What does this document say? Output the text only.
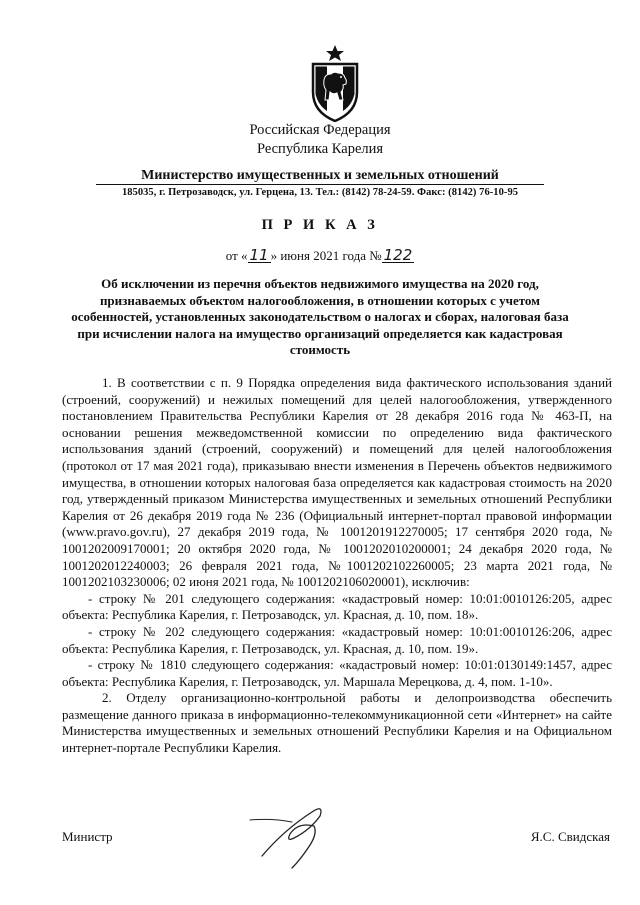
Российская Федерация
Республика Карелия
Министерство имущественных и земельных отношений
185035, г. Петрозаводск, ул. Герцена, 13. Тел.: (8142) 78-24-59. Факс: (8142) 76-10-95
П Р И К А З
от « 11 » июня 2021 года № 122
Об исключении из перечня объектов недвижимого имущества на 2020 год, признаваемых объектом налогообложения, в отношении которых с учетом особенностей, установленных законодательством о налогах и сборах, налоговая база при исчислении налога на имущество организаций определяется как кадастровая стоимость

1. В соответствии с п. 9 Порядка определения вида фактического использования зданий (строений, сооружений) и нежилых помещений для целей налогообложения, утвержденного постановлением Правительства Республики Карелия от 28 декабря 2016 года № 463-П, на основании решения межведомственной комиссии по определению вида фактического использования зданий (строений, сооружений) и помещений для целей налогообложения (протокол от 17 мая 2021 года), приказываю внести изменения в Перечень объектов недвижимого имущества, в отношении которых налоговая база определяется как кадастровая стоимость на 2020 год, утвержденный приказом Министерства имущественных и земельных отношений Республики Карелия от 26 декабря 2019 года № 236 (Официальный интернет-портал правовой информации (www.pravo.gov.ru), 27 декабря 2019 года, № 1001201912270005; 17 сентября 2020 года, № 1001202009170001; 20 октября 2020 года, № 1001202010200001; 24 декабря 2020 года, № 1001202012240003; 26 февраля 2021 года, №1001202102260005; 23 марта 2021 года, № 1001202103230006; 02 июня 2021 года, № 1001202106020001), исключив:

- строку № 201 следующего содержания: «кадастровый номер: 10:01:0010126:205, адрес объекта: Республика Карелия, г. Петрозаводск, ул. Красная, д. 10, пом. 18».

- строку № 202 следующего содержания: «кадастровый номер: 10:01:0010126:206, адрес объекта: Республика Карелия, г. Петрозаводск, ул. Красная, д. 10, пом. 19».

- строку № 1810 следующего содержания: «кадастровый номер: 10:01:0130149:1457, адрес объекта: Республика Карелия, г. Петрозаводск, ул. Маршала Мерецкова, д. 4, пом. 1-10».

2. Отделу организационно-контрольной работы и делопроизводства обеспечить размещение данного приказа в информационно-телекоммуникационной сети «Интернет» на сайте Министерства имущественных и земельных отношений Республики Карелия и на Официальном интернет-портале Республики Карелия.

Министр	Я.С. Свидская
